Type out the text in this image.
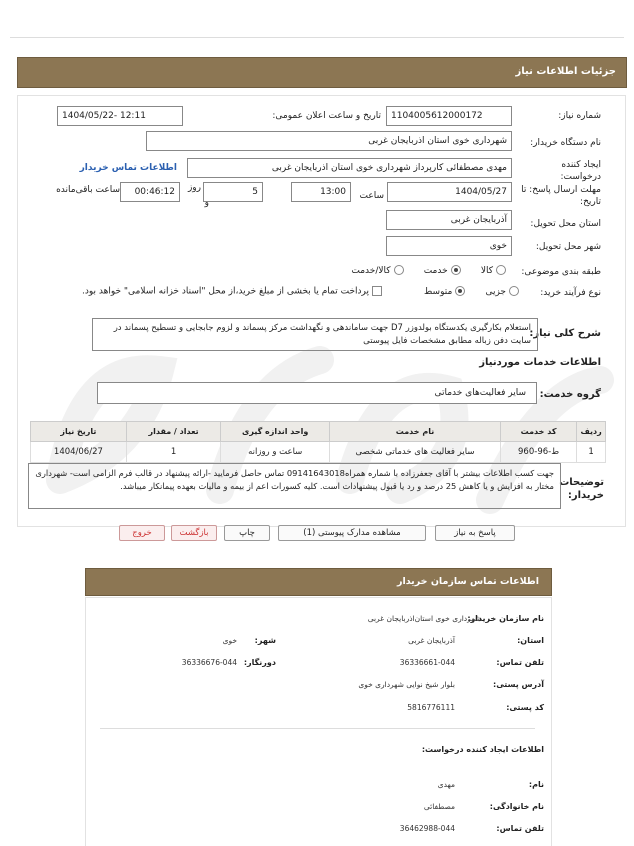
جزئیات اطلاعات نیاز
شماره نیاز:
1104005612000172
تاریخ و ساعت اعلان عمومی:
1404/05/22- 12:11
نام دستگاه خریدار:
شهرداری خوی استان اذربایجان غربی
ایجاد کننده
درخواست:
مهدی مصطفائی کارپرداز شهرداری خوی استان اذربایجان غربی
اطلاعات تماس خریدار
مهلت ارسال پاسخ: تا
تاریخ:
1404/05/27
ساعت
13:00
5
روز
و
00:46:12
ساعت باقی‌مانده
استان محل تحویل:
آذربایجان غربی
شهر محل تحویل:
خوی
طبقه بندی موضوعی:
کالا      خدمت      کالا/خدمت
نوع فرآیند خرید:
جزیی      متوسط
پرداخت تمام یا بخشی از مبلغ خرید،از محل "اسناد خزانه اسلامی" خواهد بود.
شرح کلی نیاز:
استعلام بکارگیری یکدستگاه بولدوزر D7 جهت ساماندهی و نگهداشت مرکز پسماند و لزوم جابجایی و تسطیح پسماند در سایت دفن زباله مطابق مشخصات فایل پیوستی
اطلاعات خدمات موردنیاز
گروه خدمت:
سایر فعالیت‌های خدماتی
ردیف	کد خدمت	نام خدمت	واحد اندازه گیری	تعداد / مقدار	تاریخ نیاز
1	ط-96-960	سایر فعالیت های خدماتی شخصی	ساعت و روزانه	1	1404/06/27
توضیحات
خریدار:
جهت کسب اطلاعات بیشتر با آقای جعفرزاده با شماره همراه09141643018 تماس حاصل فرمایید -ارائه پیشنهاد در قالب فرم الزامی است- شهرداری مختار به افزایش و یا کاهش 25 درصد و رد یا قبول پیشنهادات است. کلیه کسورات اعم از بیمه و مالیات بعهده پیمانکار میباشد.
پاسخ به نیاز
مشاهده مدارک پیوستی (1)
چاپ
بازگشت
خروج
اطلاعات تماس سازمان خریدار
نام سازمان خریدار:
شهرداری خوی استان‌اذربایجان غربی
استان:
آذربایجان غربی
شهر:
خوی
تلفن تماس:
36336661-044
دورنگار:
36336676-044
آدرس پستی:
بلوار شیخ نوایی شهرداری خوی
کد پستی:
5816776111
اطلاعات ایجاد کننده درخواست:
نام:
مهدی
نام خانوادگی:
مصطفائی
تلفن تماس:
36462988-044
